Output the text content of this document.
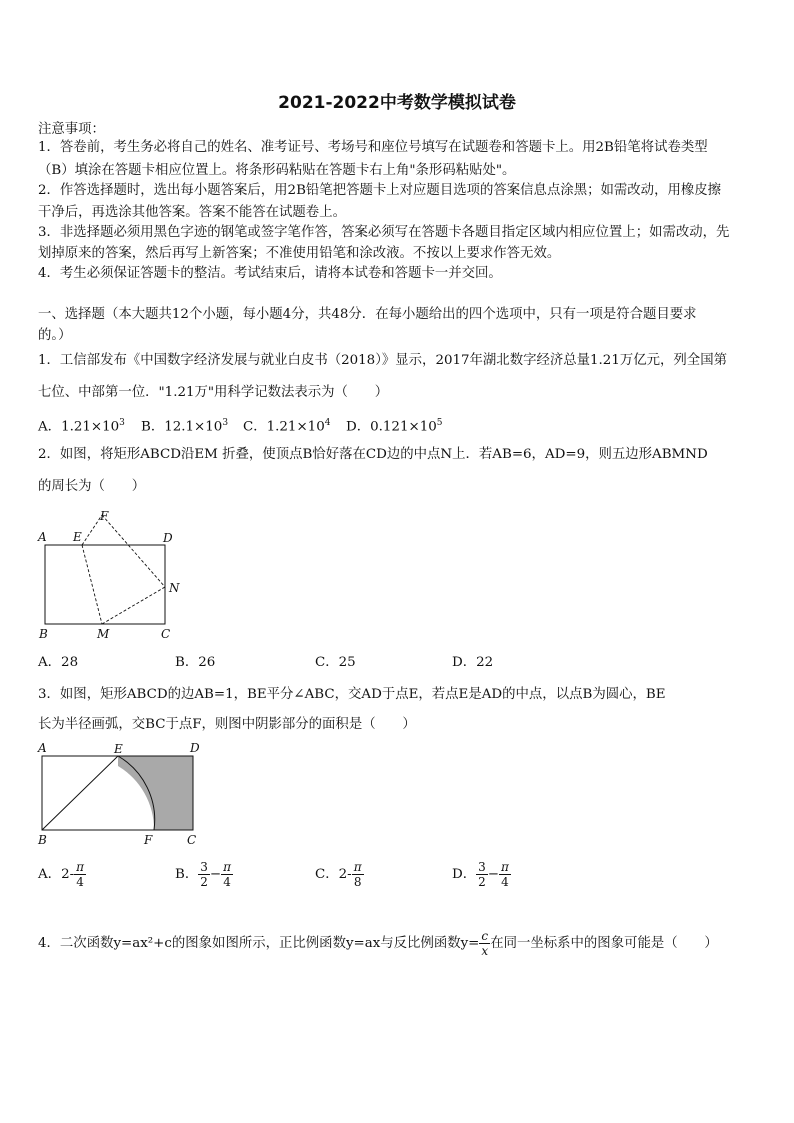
2021-2022中考数学模拟试卷
注意事项：
1．答卷前，考生务必将自己的姓名、准考证号、考场号和座位号填写在试题卷和答题卡上。用2B铅笔将试卷类型
（B）填涂在答题卡相应位置上。将条形码粘贴在答题卡右上角"条形码粘贴处"。
2．作答选择题时，选出每小题答案后，用2B铅笔把答题卡上对应题目选项的答案信息点涂黑；如需改动，用橡皮擦
干净后，再选涂其他答案。答案不能答在试题卷上。
3．非选择题必须用黑色字迹的钢笔或签字笔作答，答案必须写在答题卡各题目指定区域内相应位置上；如需改动，先
划掉原来的答案，然后再写上新答案；不准使用铅笔和涂改液。不按以上要求作答无效。
4．考生必须保证答题卡的整洁。考试结束后，请将本试卷和答题卡一并交回。
一、选择题（本大题共12个小题，每小题4分，共48分．在每小题给出的四个选项中，只有一项是符合题目要求
的。）
1．工信部发布《中国数字经济发展与就业白皮书（2018）》显示，2017年湖北数字经济总量1.21万亿元，列全国第
七位、中部第一位．"1.21万"用科学记数法表示为（　　）
A．$1.21\times 10^3$ B．$12.1\times 10^3$ C．$1.21\times 10^4$ D．$0.121\times 10^5$
2．如图，将矩形ABCD沿EM 折叠，使顶点B恰好落在CD边的中点N上．若AB=6，AD=9，则五边形ABMND
的周长为（　　）
A E
F
D
N
B	M	C
A．28	B．26	C．25	D．22
3．如图，矩形ABCD的边AB=1，BE平分∠ABC，交AD于点E，若点E是AD的中点，以点B为圆心，BE
长为半径画弧，交BC于点F，则图中阴影部分的面积是（　　）
A	E	D
B	F	C
A．$2- \frac{\pi}{4}$	B． $\frac{3}{2} - \frac{\pi}{4}$	C．$2- \frac{\pi}{8}$	D． $\frac{3}{2} - \frac{\pi}{4}$
4．二次函数y=ax²+c的图象如图所示，正比例函数y=ax与反比例函数$y= \frac{c}{x}$ 在同一坐标系中的图象可能是（　　）
